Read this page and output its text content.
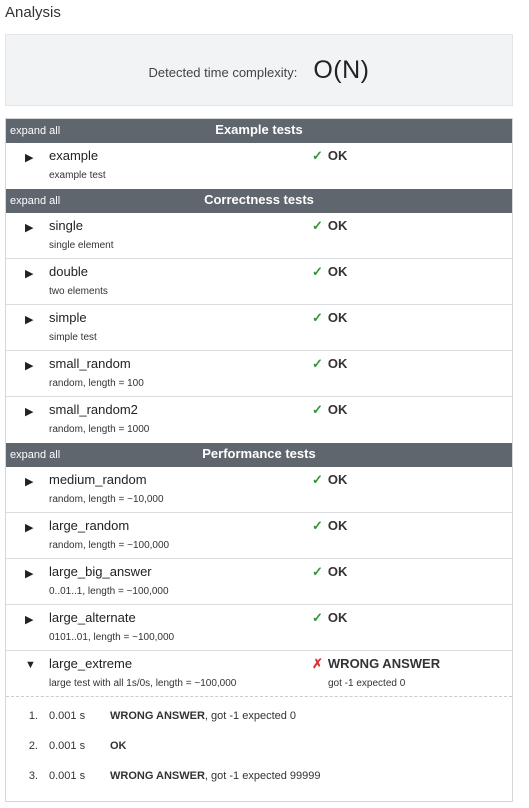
Analysis
Detected time complexity: O(N)
expand all	Example tests
▶ example
example test
✓ OK
expand all	Correctness tests
▶ single
single element
✓ OK
▶ double
two elements
✓ OK
▶ simple
simple test
✓ OK
▶ small_random
random, length = 100
✓ OK
▶ small_random2
random, length = 1000
✓ OK
expand all	Performance tests
▶ medium_random
random, length = ~10,000
✓ OK
▶ large_random
random, length = ~100,000
✓ OK
▶ large_big_answer
0..01..1, length = ~100,000
✓ OK
▶ large_alternate
0101..01, length = ~100,000
✓ OK
▼ large_extreme
large test with all 1s/0s, length = ~100,000
✗ WRONG ANSWER
got -1 expected 0
1. 0.001 s WRONG ANSWER, got -1 expected 0
2. 0.001 s OK
3. 0.001 s WRONG ANSWER, got -1 expected 99999
